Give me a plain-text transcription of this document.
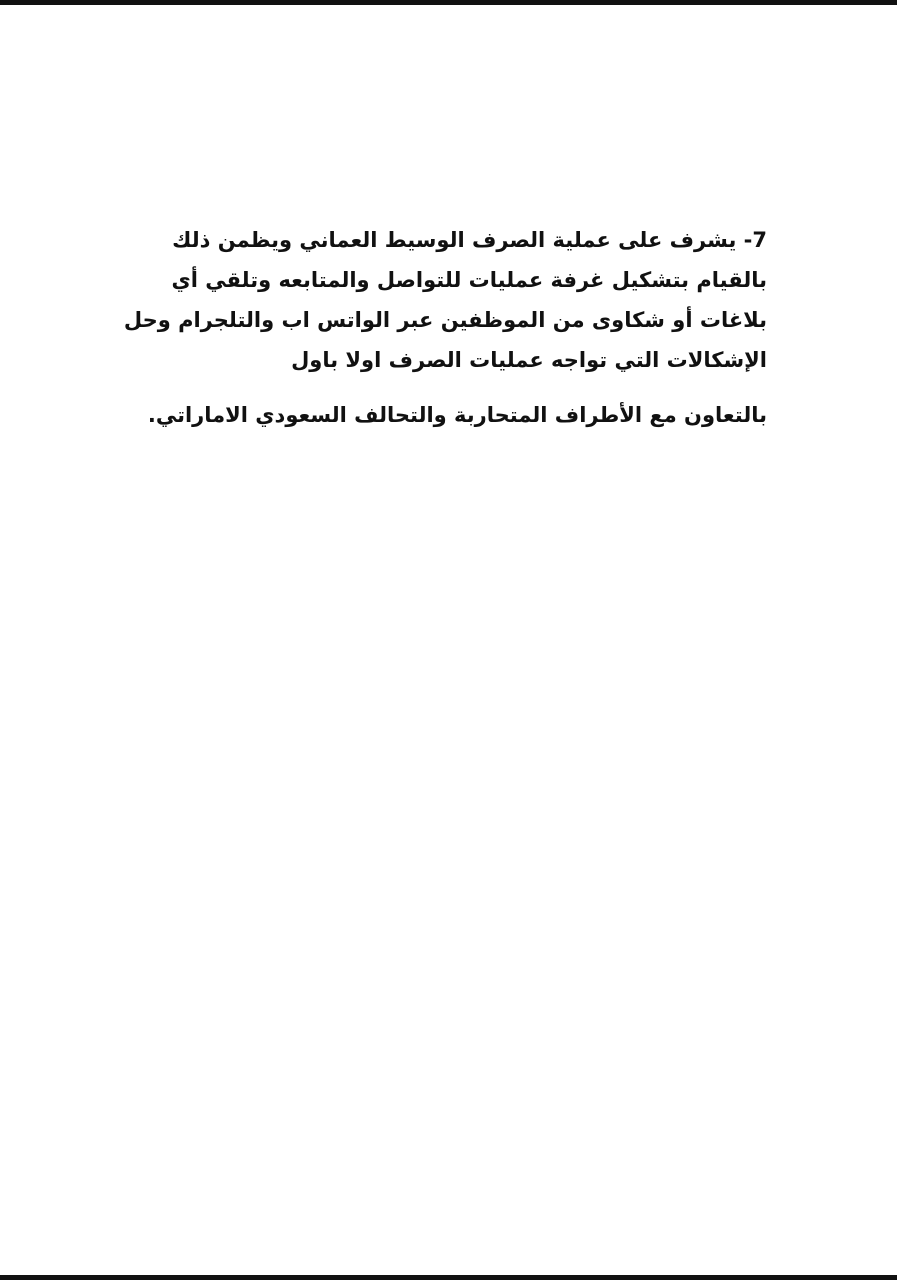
7- يشرف على عملية الصرف الوسيط العماني ويظمن ذلك
بالقيام بتشكيل غرفة عمليات للتواصل والمتابعه وتلقي أي
بلاغات أو شكاوى من الموظفين عبر الواتس اب والتلجرام وحل
الإشكالات التي تواجه عمليات الصرف اولا باول
بالتعاون مع الأطراف المتحاربة والتحالف السعودي الاماراتي.
